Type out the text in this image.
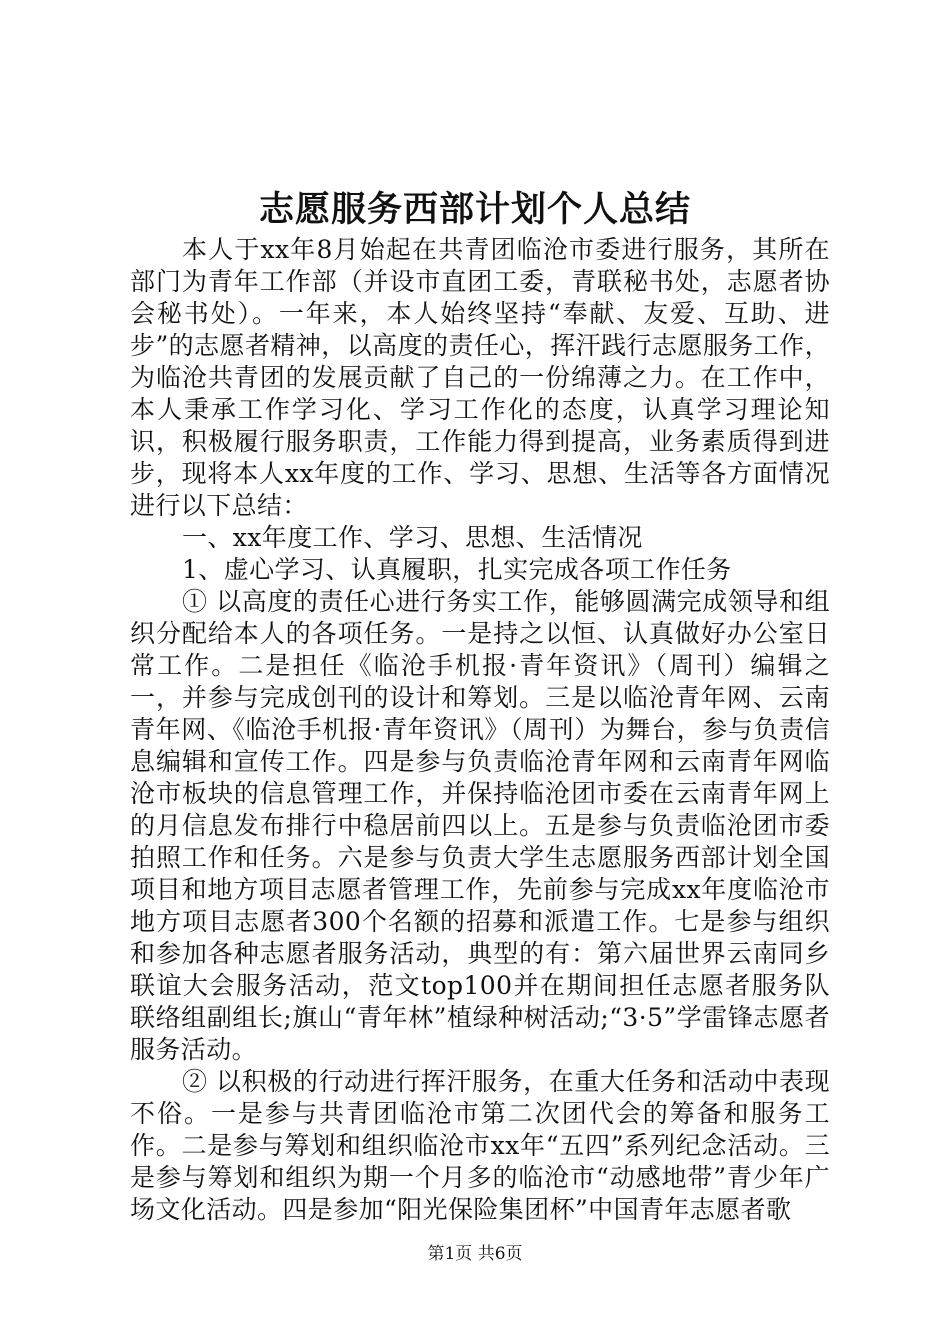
志愿服务西部计划个人总结

本人于xx年8月始起在共青团临沧市委进行服务，其所在部门为青年工作部（并设市直团工委，青联秘书处，志愿者协会秘书处）。一年来，本人始终坚持“奉献、友爱、互助、进步”的志愿者精神，以高度的责任心，挥汗践行志愿服务工作，为临沧共青团的发展贡献了自己的一份绵薄之力。在工作中，本人秉承工作学习化、学习工作化的态度，认真学习理论知识，积极履行服务职责，工作能力得到提高，业务素质得到进步，现将本人xx年度的工作、学习、思想、生活等各方面情况进行以下总结：

一、xx年度工作、学习、思想、生活情况

1、虚心学习、认真履职，扎实完成各项工作任务

① 以高度的责任心进行务实工作，能够圆满完成领导和组织分配给本人的各项任务。一是持之以恒、认真做好办公室日常工作。二是担任《临沧手机报·青年资讯》（周刊）编辑之一，并参与完成创刊的设计和筹划。三是以临沧青年网、云南青年网、《临沧手机报·青年资讯》（周刊）为舞台，参与负责信息编辑和宣传工作。四是参与负责临沧青年网和云南青年网临沧市板块的信息管理工作，并保持临沧团市委在云南青年网上的月信息发布排行中稳居前四以上。五是参与负责临沧团市委拍照工作和任务。六是参与负责大学生志愿服务西部计划全国项目和地方项目志愿者管理工作，先前参与完成xx年度临沧市地方项目志愿者300个名额的招募和派遣工作。七是参与组织和参加各种志愿者服务活动，典型的有：第六届世界云南同乡联谊大会服务活动，范文top100并在期间担任志愿者服务队联络组副组长;旗山“青年林”植绿种树活动;“3·5”学雷锋志愿者服务活动。

② 以积极的行动进行挥汗服务，在重大任务和活动中表现不俗。一是参与共青团临沧市第二次团代会的筹备和服务工作。二是参与筹划和组织临沧市xx年“五四”系列纪念活动。三是参与筹划和组织为期一个月多的临沧市“动感地带”青少年广场文化活动。四是参加“阳光保险集团杯”中国青年志愿者歌

第1页 共6页
